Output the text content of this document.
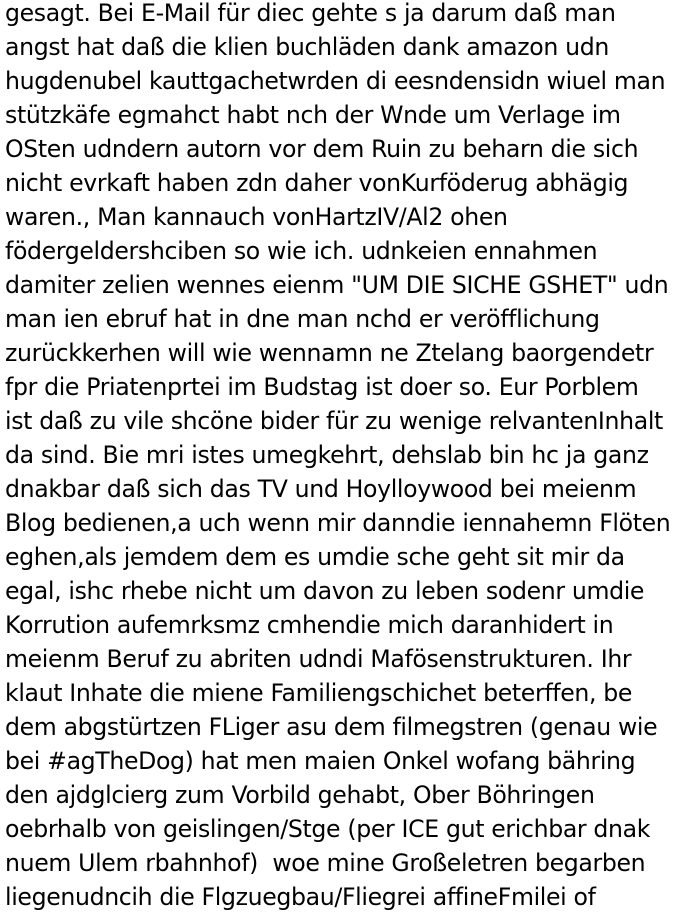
gesagt. Bei E-Mail für diec gehte s ja darum daß man
angst hat daß die klien buchläden dank amazon udn
hugdenubel kauttgachetwrden di eesndensidn wiuel man
stützkäfe egmahct habt nch der Wnde um Verlage im
OSten udndern autorn vor dem Ruin zu beharn die sich
nicht evrkaft haben zdn daher vonKurföderug abhägig
waren., Man kannauch vonHartzIV/Al2 ohen
födergeldershciben so wie ich. udnkeien ennahmen
damiter zelien wennes eienm "UM DIE SICHE GSHET" udn
man ien ebruf hat in dne man nchd er veröfflichung
zurückkerhen will wie wennamn ne Ztelang baorgendetr
fpr die Priatenprtei im Budstag ist doer so. Eur Porblem
ist daß zu vile shcöne bider für zu wenige relvantenInhalt
da sind. Bie mri istes umegkehrt, dehslab bin hc ja ganz
dnakbar daß sich das TV und Hoylloywood bei meienm
Blog bedienen,a uch wenn mir danndie iennahemn Flöten
eghen,als jemdem dem es umdie sche geht sit mir da
egal, ishc rhebe nicht um davon zu leben sodenr umdie
Korrution aufemrksmz cmhendie mich daranhidert in
meienm Beruf zu abriten udndi Mafösenstrukturen. Ihr
klaut Inhate die miene Familiengschichet beterffen, be
dem abgstürtzen FLiger asu dem filmegstren (genau wie
bei #agTheDog) hat men maien Onkel wofang bähring
den ajdglcierg zum Vorbild gehabt, Ober Böhringen
oebrhalb von geislingen/Stge (per ICE gut erichbar dnak
nuem Ulem rbahnhof)  woe mine Großeletren begarben
liegenudncih die Flgzuegbau/Fliegrei affineFmilei of
